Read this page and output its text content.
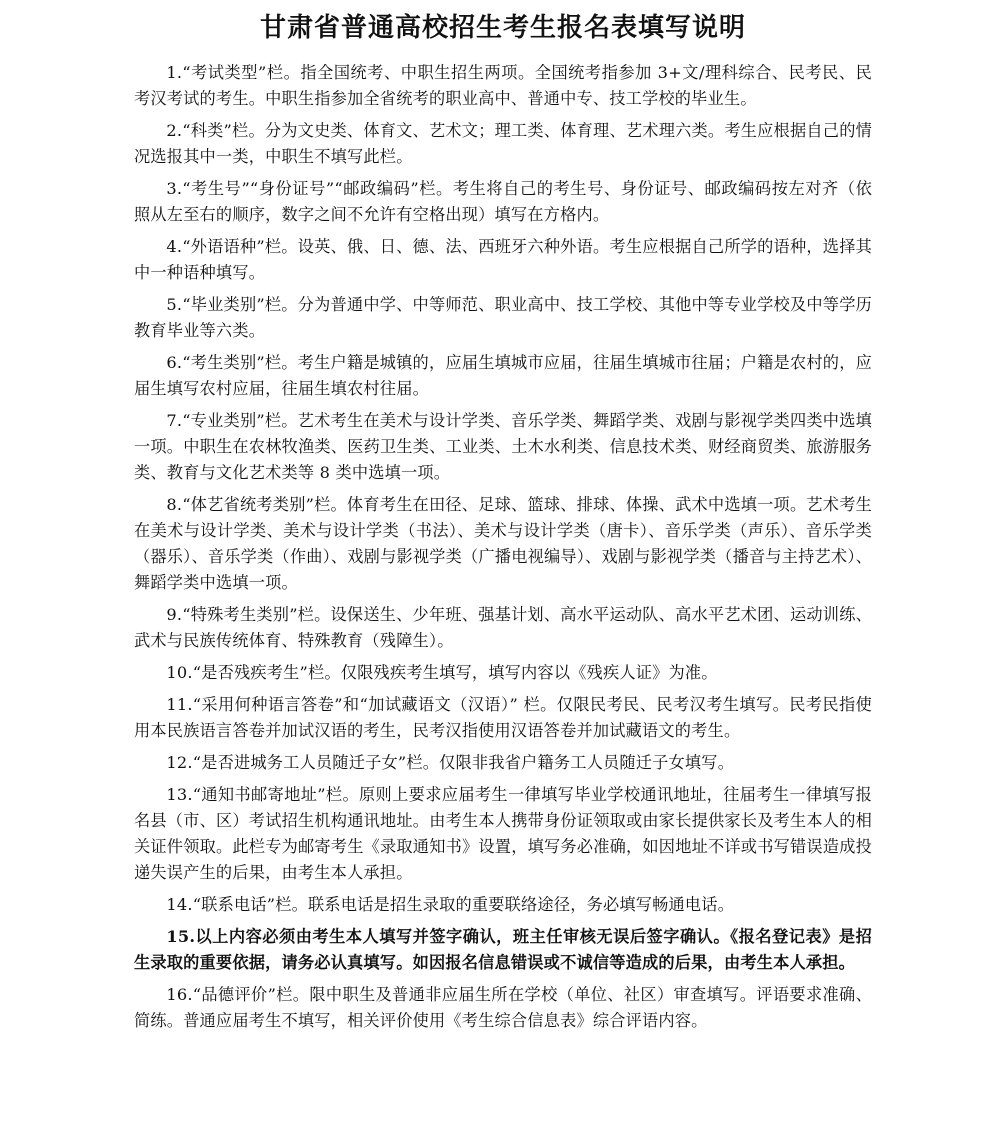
甘肃省普通高校招生考生报名表填写说明

1.“考试类型”栏。指全国统考、中职生招生两项。全国统考指参加 3+文/理科综合、民考民、民考汉考试的考生。中职生指参加全省统考的职业高中、普通中专、技工学校的毕业生。

2.“科类”栏。分为文史类、体育文、艺术文；理工类、体育理、艺术理六类。考生应根据自己的情况选报其中一类，中职生不填写此栏。

3.“考生号”“身份证号”“邮政编码”栏。考生将自己的考生号、身份证号、邮政编码按左对齐（依照从左至右的顺序，数字之间不允许有空格出现）填写在方格内。

4.“外语语种”栏。设英、俄、日、德、法、西班牙六种外语。考生应根据自己所学的语种，选择其中一种语种填写。

5.“毕业类别”栏。分为普通中学、中等师范、职业高中、技工学校、其他中等专业学校及中等学历教育毕业等六类。

6.“考生类别”栏。考生户籍是城镇的，应届生填城市应届，往届生填城市往届；户籍是农村的，应届生填写农村应届，往届生填农村往届。

7.“专业类别”栏。艺术考生在美术与设计学类、音乐学类、舞蹈学类、戏剧与影视学类四类中选填一项。中职生在农林牧渔类、医药卫生类、工业类、土木水利类、信息技术类、财经商贸类、旅游服务类、教育与文化艺术类等 8 类中选填一项。

8.“体艺省统考类别”栏。体育考生在田径、足球、篮球、排球、体操、武术中选填一项。艺术考生在美术与设计学类、美术与设计学类（书法）、美术与设计学类（唐卡）、音乐学类（声乐）、音乐学类（器乐）、音乐学类（作曲）、戏剧与影视学类（广播电视编导）、戏剧与影视学类（播音与主持艺术）、舞蹈学类中选填一项。

9.“特殊考生类别”栏。设保送生、少年班、强基计划、高水平运动队、高水平艺术团、运动训练、武术与民族传统体育、特殊教育（残障生）。

10.“是否残疾考生”栏。仅限残疾考生填写，填写内容以《残疾人证》为准。

11.“采用何种语言答卷”和“加试藏语文（汉语）” 栏。仅限民考民、民考汉考生填写。民考民指使用本民族语言答卷并加试汉语的考生，民考汉指使用汉语答卷并加试藏语文的考生。

12.“是否进城务工人员随迁子女”栏。仅限非我省户籍务工人员随迁子女填写。

13.“通知书邮寄地址”栏。原则上要求应届考生一律填写毕业学校通讯地址，往届考生一律填写报名县（市、区）考试招生机构通讯地址。由考生本人携带身份证领取或由家长提供家长及考生本人的相关证件领取。此栏专为邮寄考生《录取通知书》设置，填写务必准确，如因地址不详或书写错误造成投递失误产生的后果，由考生本人承担。

14.“联系电话”栏。联系电话是招生录取的重要联络途径，务必填写畅通电话。

15.以上内容必须由考生本人填写并签字确认，班主任审核无误后签字确认。《报名登记表》是招生录取的重要依据，请务必认真填写。如因报名信息错误或不诚信等造成的后果，由考生本人承担。

16.“品德评价”栏。限中职生及普通非应届生所在学校（单位、社区）审查填写。评语要求准确、简练。普通应届考生不填写，相关评价使用《考生综合信息表》综合评语内容。
